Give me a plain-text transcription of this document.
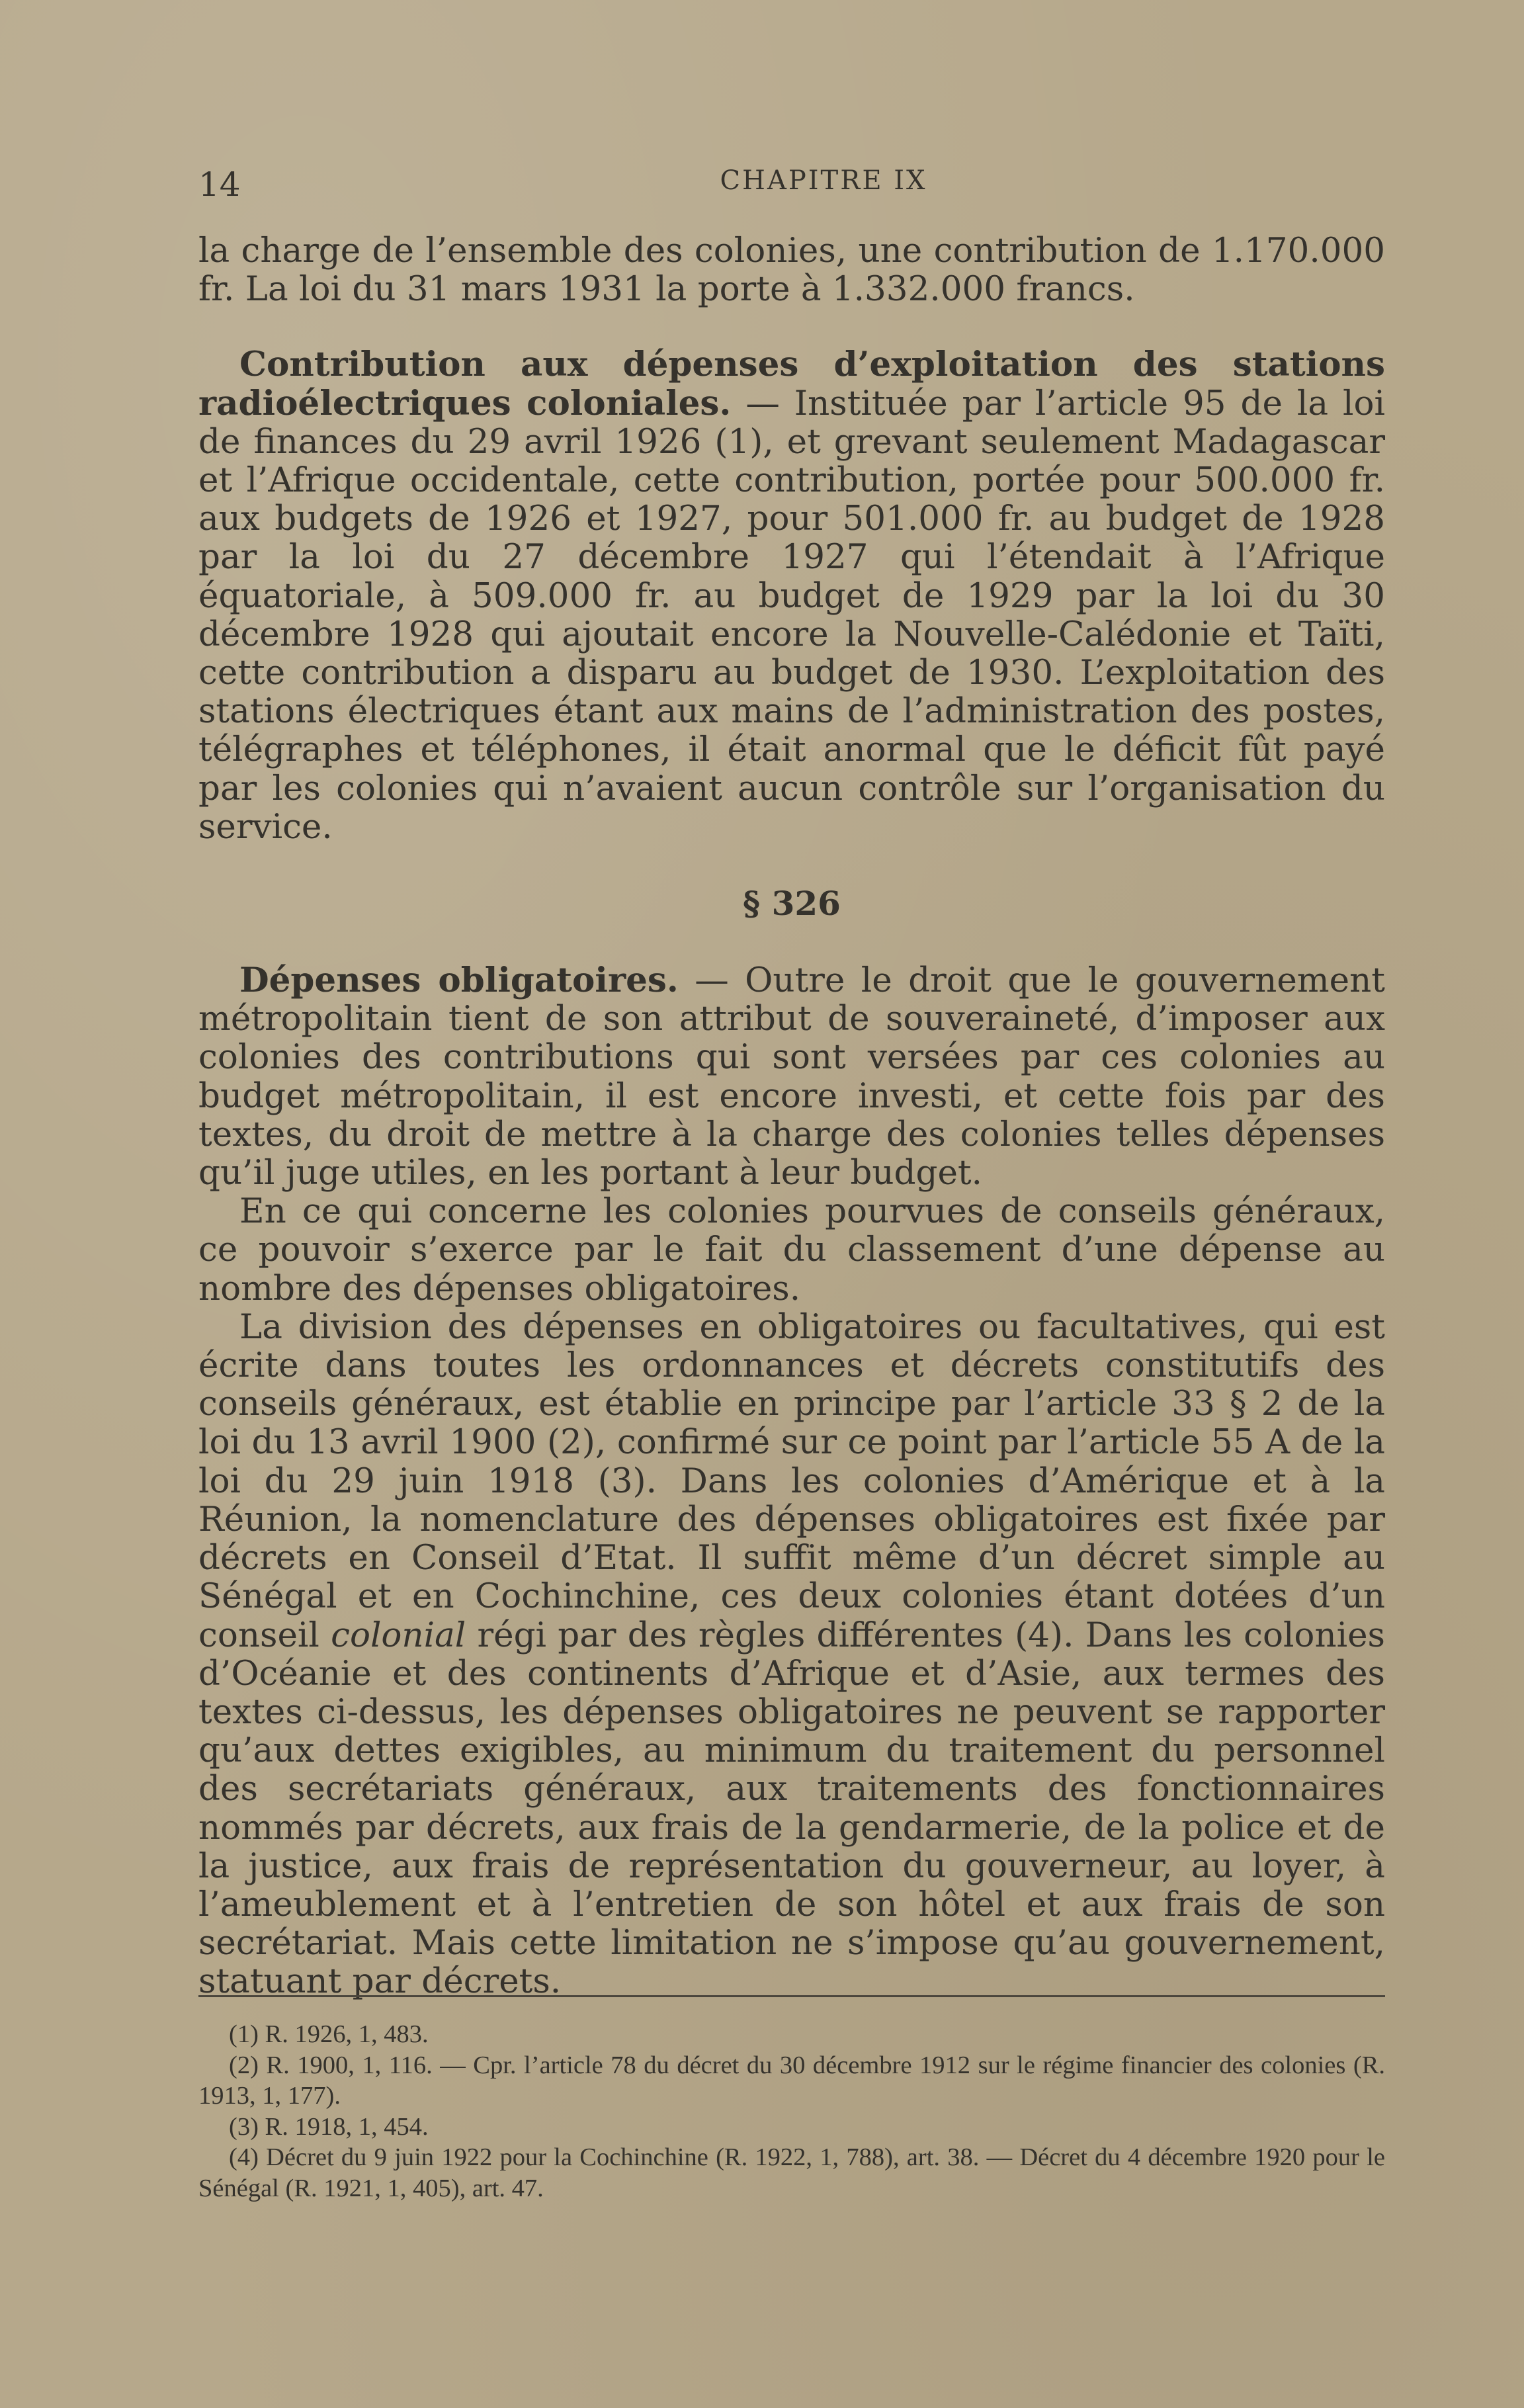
14	CHAPITRE IX

la charge de l’ensemble des colonies, une contribution de 1.170.000 fr. La loi du 31 mars 1931 la porte à 1.332.000 francs.

Contribution aux dépenses d’exploitation des stations radioélectriques coloniales. — Instituée par l’article 95 de la loi de finances du 29 avril 1926 (1), et grevant seulement Madagascar et l’Afrique occidentale, cette contribution, portée pour 500.000 fr. aux budgets de 1926 et 1927, pour 501.000 fr. au budget de 1928 par la loi du 27 décembre 1927 qui l’étendait à l’Afrique équatoriale, à 509.000 fr. au budget de 1929 par la loi du 30 décembre 1928 qui ajoutait encore la Nouvelle-Calédonie et Taïti, cette contribution a disparu au budget de 1930. L’exploitation des stations électriques étant aux mains de l’administration des postes, télégraphes et téléphones, il était anormal que le déficit fût payé par les colonies qui n’avaient aucun contrôle sur l’organisation du service.

§ 326

Dépenses obligatoires. — Outre le droit que le gouvernement métropolitain tient de son attribut de souveraineté, d’imposer aux colonies des contributions qui sont versées par ces colonies au budget métropolitain, il est encore investi, et cette fois par des textes, du droit de mettre à la charge des colonies telles dépenses qu’il juge utiles, en les portant à leur budget.

En ce qui concerne les colonies pourvues de conseils généraux, ce pouvoir s’exerce par le fait du classement d’une dépense au nombre des dépenses obligatoires.

La division des dépenses en obligatoires ou facultatives, qui est écrite dans toutes les ordonnances et décrets constitutifs des conseils généraux, est établie en principe par l’article 33 § 2 de la loi du 13 avril 1900 (2), confirmé sur ce point par l’article 55 A de la loi du 29 juin 1918 (3). Dans les colonies d’Amérique et à la Réunion, la nomenclature des dépenses obligatoires est fixée par décrets en Conseil d’Etat. Il suffit même d’un décret simple au Sénégal et en Cochinchine, ces deux colonies étant dotées d’un conseil colonial régi par des règles différentes (4). Dans les colonies d’Océanie et des continents d’Afrique et d’Asie, aux termes des textes ci-dessus, les dépenses obligatoires ne peuvent se rapporter qu’aux dettes exigibles, au minimum du traitement du personnel des secrétariats généraux, aux traitements des fonctionnaires nommés par décrets, aux frais de la gendarmerie, de la police et de la justice, aux frais de représentation du gouverneur, au loyer, à l’ameublement et à l’entretien de son hôtel et aux frais de son secrétariat. Mais cette limitation ne s’impose qu’au gouvernement, statuant par décrets.

(1) R. 1926, 1, 483.

(2) R. 1900, 1, 116. — Cpr. l’article 78 du décret du 30 décembre 1912 sur le régime financier des colonies (R. 1913, 1, 177).

(3) R. 1918, 1, 454.

(4) Décret du 9 juin 1922 pour la Cochinchine (R. 1922, 1, 788), art. 38. — Décret du 4 décembre 1920 pour le Sénégal (R. 1921, 1, 405), art. 47.
